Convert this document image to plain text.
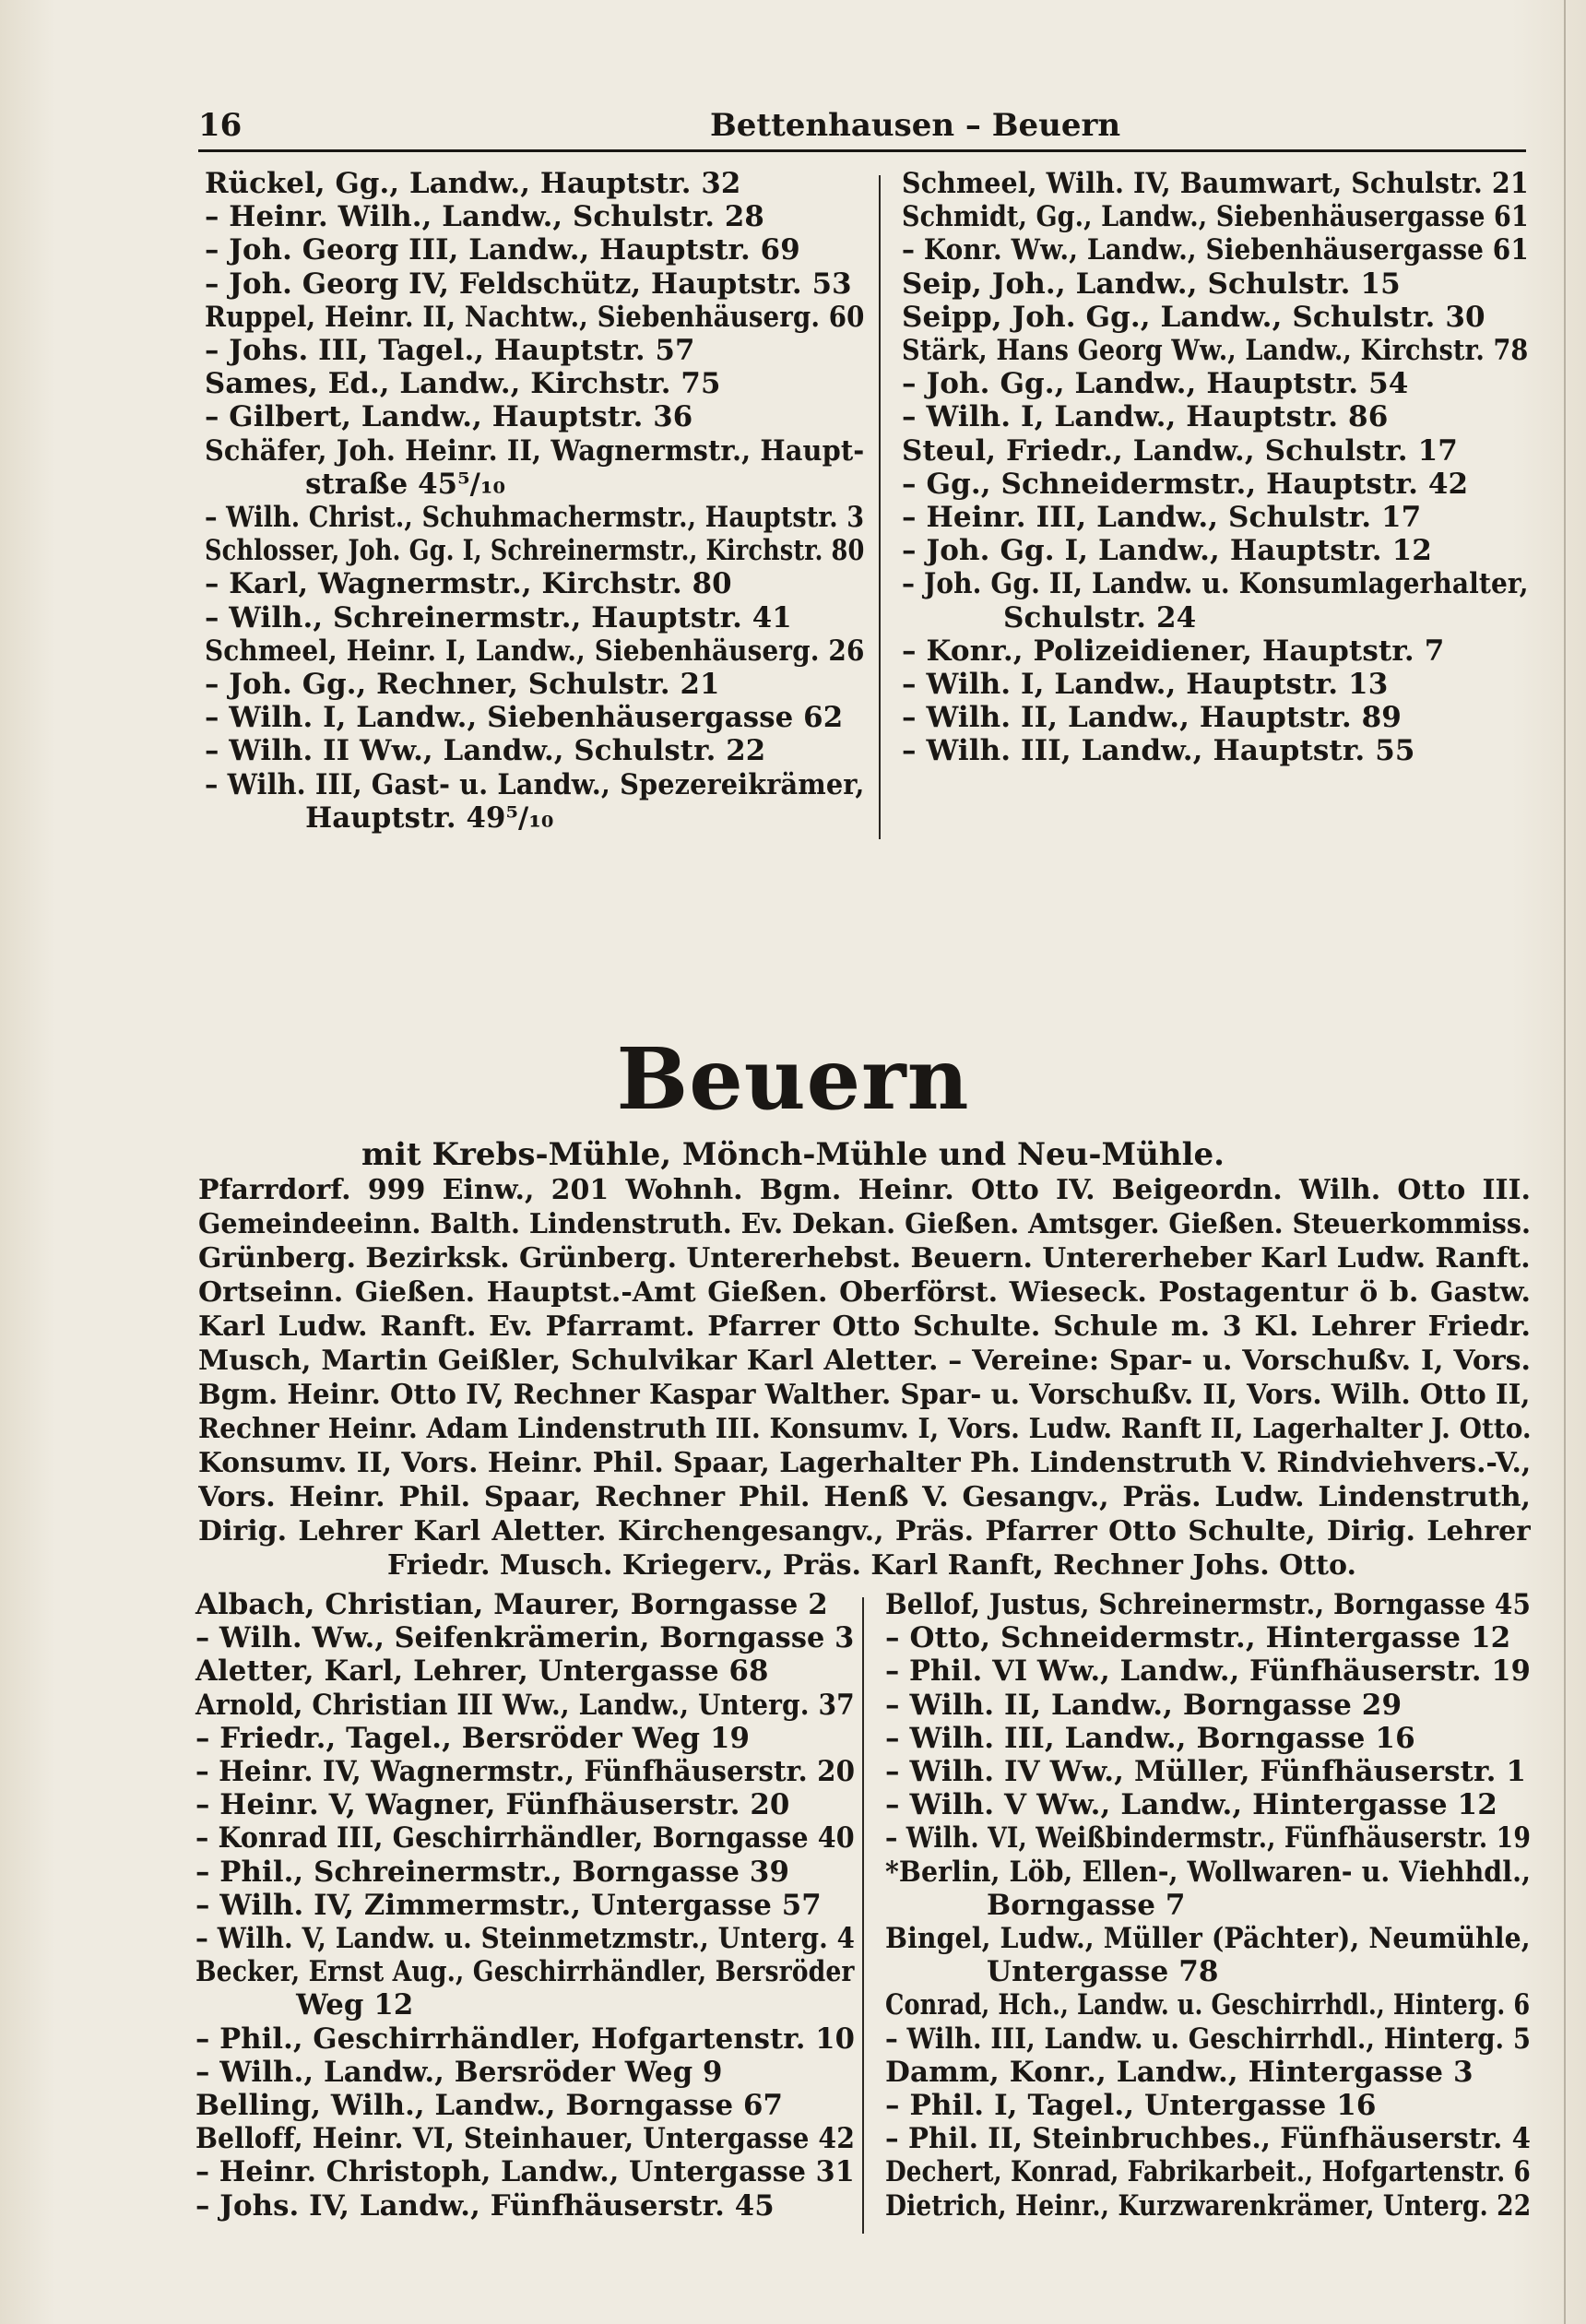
16	Bettenhausen – Beuern
Rückel, Gg., Landw., Hauptstr. 32
– Heinr. Wilh., Landw., Schulstr. 28
– Joh. Georg III, Landw., Hauptstr. 69
– Joh. Georg IV, Feldschütz, Hauptstr. 53
Ruppel, Heinr. II, Nachtw., Siebenhäuserg. 60
– Johs. III, Tagel., Hauptstr. 57
Sames, Ed., Landw., Kirchstr. 75
– Gilbert, Landw., Hauptstr. 36
Schäfer, Joh. Heinr. II, Wagnermstr., Haupt-
straße 45⁵/₁₀
– Wilh. Christ., Schuhmachermstr., Hauptstr. 3
Schlosser, Joh. Gg. I, Schreinermstr., Kirchstr. 80
– Karl, Wagnermstr., Kirchstr. 80
– Wilh., Schreinermstr., Hauptstr. 41
Schmeel, Heinr. I, Landw., Siebenhäuserg. 26
– Joh. Gg., Rechner, Schulstr. 21
– Wilh. I, Landw., Siebenhäusergasse 62
– Wilh. II Ww., Landw., Schulstr. 22
– Wilh. III, Gast- u. Landw., Spezereikrämer,
Hauptstr. 49⁵/₁₀
Schmeel, Wilh. IV, Baumwart, Schulstr. 21
Schmidt, Gg., Landw., Siebenhäusergasse 61
– Konr. Ww., Landw., Siebenhäusergasse 61
Seip, Joh., Landw., Schulstr. 15
Seipp, Joh. Gg., Landw., Schulstr. 30
Stärk, Hans Georg Ww., Landw., Kirchstr. 78
– Joh. Gg., Landw., Hauptstr. 54
– Wilh. I, Landw., Hauptstr. 86
Steul, Friedr., Landw., Schulstr. 17
– Gg., Schneidermstr., Hauptstr. 42
– Heinr. III, Landw., Schulstr. 17
– Joh. Gg. I, Landw., Hauptstr. 12
– Joh. Gg. II, Landw. u. Konsumlagerhalter,
Schulstr. 24
– Konr., Polizeidiener, Hauptstr. 7
– Wilh. I, Landw., Hauptstr. 13
– Wilh. II, Landw., Hauptstr. 89
– Wilh. III, Landw., Hauptstr. 55
Beuern
mit Krebs-Mühle, Mönch-Mühle und Neu-Mühle.
Pfarrdorf. 999 Einw., 201 Wohnh. Bgm. Heinr. Otto IV. Beigeordn. Wilh. Otto III.
Gemeindeeinn. Balth. Lindenstruth. Ev. Dekan. Gießen. Amtsger. Gießen. Steuerkommiss.
Grünberg. Bezirksk. Grünberg. Untererhebst. Beuern. Untererheber Karl Ludw. Ranft.
Ortseinn. Gießen. Hauptst.-Amt Gießen. Oberförst. Wieseck. Postagentur ö b. Gastw.
Karl Ludw. Ranft. Ev. Pfarramt. Pfarrer Otto Schulte. Schule m. 3 Kl. Lehrer Friedr.
Musch, Martin Geißler, Schulvikar Karl Aletter. – Vereine: Spar- u. Vorschußv. I, Vors.
Bgm. Heinr. Otto IV, Rechner Kaspar Walther. Spar- u. Vorschußv. II, Vors. Wilh. Otto II,
Rechner Heinr. Adam Lindenstruth III. Konsumv. I, Vors. Ludw. Ranft II, Lagerhalter J. Otto.
Konsumv. II, Vors. Heinr. Phil. Spaar, Lagerhalter Ph. Lindenstruth V. Rindviehvers.-V.,
Vors. Heinr. Phil. Spaar, Rechner Phil. Henß V. Gesangv., Präs. Ludw. Lindenstruth,
Dirig. Lehrer Karl Aletter. Kirchengesangv., Präs. Pfarrer Otto Schulte, Dirig. Lehrer
Friedr. Musch. Kriegerv., Präs. Karl Ranft, Rechner Johs. Otto.
Albach, Christian, Maurer, Borngasse 2
– Wilh. Ww., Seifenkrämerin, Borngasse 3
Aletter, Karl, Lehrer, Untergasse 68
Arnold, Christian III Ww., Landw., Unterg. 37
– Friedr., Tagel., Bersröder Weg 19
– Heinr. IV, Wagnermstr., Fünfhäuserstr. 20
– Heinr. V, Wagner, Fünfhäuserstr. 20
– Konrad III, Geschirrhändler, Borngasse 40
– Phil., Schreinermstr., Borngasse 39
– Wilh. IV, Zimmermstr., Untergasse 57
– Wilh. V, Landw. u. Steinmetzmstr., Unterg. 4
Becker, Ernst Aug., Geschirrhändler, Bersröder
Weg 12
– Phil., Geschirrhändler, Hofgartenstr. 10
– Wilh., Landw., Bersröder Weg 9
Belling, Wilh., Landw., Borngasse 67
Belloff, Heinr. VI, Steinhauer, Untergasse 42
– Heinr. Christoph, Landw., Untergasse 31
– Johs. IV, Landw., Fünfhäuserstr. 45
Bellof, Justus, Schreinermstr., Borngasse 45
– Otto, Schneidermstr., Hintergasse 12
– Phil. VI Ww., Landw., Fünfhäuserstr. 19
– Wilh. II, Landw., Borngasse 29
– Wilh. III, Landw., Borngasse 16
– Wilh. IV Ww., Müller, Fünfhäuserstr. 1
– Wilh. V Ww., Landw., Hintergasse 12
– Wilh. VI, Weißbindermstr., Fünfhäuserstr. 19
*Berlin, Löb, Ellen-, Wollwaren- u. Viehhdl.,
Borngasse 7
Bingel, Ludw., Müller (Pächter), Neumühle,
Untergasse 78
Conrad, Hch., Landw. u. Geschirrhdl., Hinterg. 6
– Wilh. III, Landw. u. Geschirrhdl., Hinterg. 5
Damm, Konr., Landw., Hintergasse 3
– Phil. I, Tagel., Untergasse 16
– Phil. II, Steinbruchbes., Fünfhäuserstr. 4
Dechert, Konrad, Fabrikarbeit., Hofgartenstr. 6
Dietrich, Heinr., Kurzwarenkrämer, Unterg. 22
